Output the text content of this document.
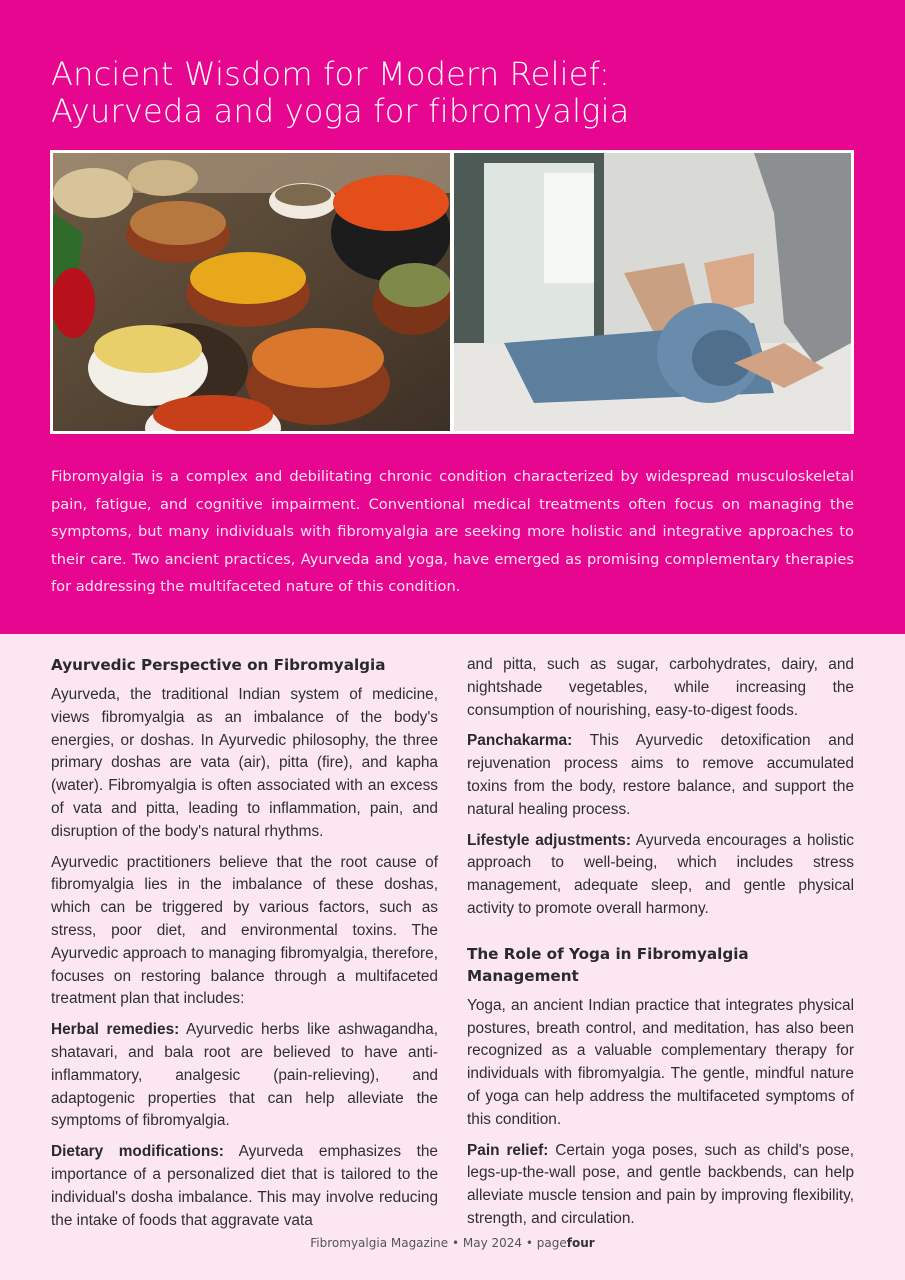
Ancient Wisdom for Modern Relief:
Ayurveda and yoga for fibromyalgia

Fibromyalgia is a complex and debilitating chronic condition characterized by widespread musculoskeletal pain, fatigue, and cognitive impairment. Conventional medical treatments often focus on managing the symptoms, but many individuals with fibromyalgia are seeking more holistic and integrative approaches to their care. Two ancient practices, Ayurveda and yoga, have emerged as promising complementary therapies for addressing the multifaceted nature of this condition.

Ayurvedic Perspective on Fibromyalgia

Ayurveda, the traditional Indian system of medicine, views fibromyalgia as an imbalance of the body's energies, or doshas. In Ayurvedic philosophy, the three primary doshas are vata (air), pitta (fire), and kapha (water). Fibromyalgia is often associated with an excess of vata and pitta, leading to inflammation, pain, and disruption of the body's natural rhythms.

Ayurvedic practitioners believe that the root cause of fibromyalgia lies in the imbalance of these doshas, which can be triggered by various factors, such as stress, poor diet, and environmental toxins. The Ayurvedic approach to managing fibromyalgia, therefore, focuses on restoring balance through a multifaceted treatment plan that includes:

Herbal remedies: Ayurvedic herbs like ashwagandha, shatavari, and bala root are believed to have anti-inflammatory, analgesic (pain-relieving), and adaptogenic properties that can help alleviate the symptoms of fibromyalgia.

Dietary modifications: Ayurveda emphasizes the importance of a personalized diet that is tailored to the individual's dosha imbalance. This may involve reducing the intake of foods that aggravate vata

and pitta, such as sugar, carbohydrates, dairy, and nightshade vegetables, while increasing the consumption of nourishing, easy-to-digest foods.

Panchakarma: This Ayurvedic detoxification and rejuvenation process aims to remove accumulated toxins from the body, restore balance, and support the natural healing process.

Lifestyle adjustments: Ayurveda encourages a holistic approach to well-being, which includes stress management, adequate sleep, and gentle physical activity to promote overall harmony.

The Role of Yoga in Fibromyalgia Management

Yoga, an ancient Indian practice that integrates physical postures, breath control, and meditation, has also been recognized as a valuable complementary therapy for individuals with fibromyalgia. The gentle, mindful nature of yoga can help address the multifaceted symptoms of this condition.

Pain relief: Certain yoga poses, such as child's pose, legs-up-the-wall pose, and gentle backbends, can help alleviate muscle tension and pain by improving flexibility, strength, and circulation.

Fibromyalgia Magazine • May 2024 • pagefour
